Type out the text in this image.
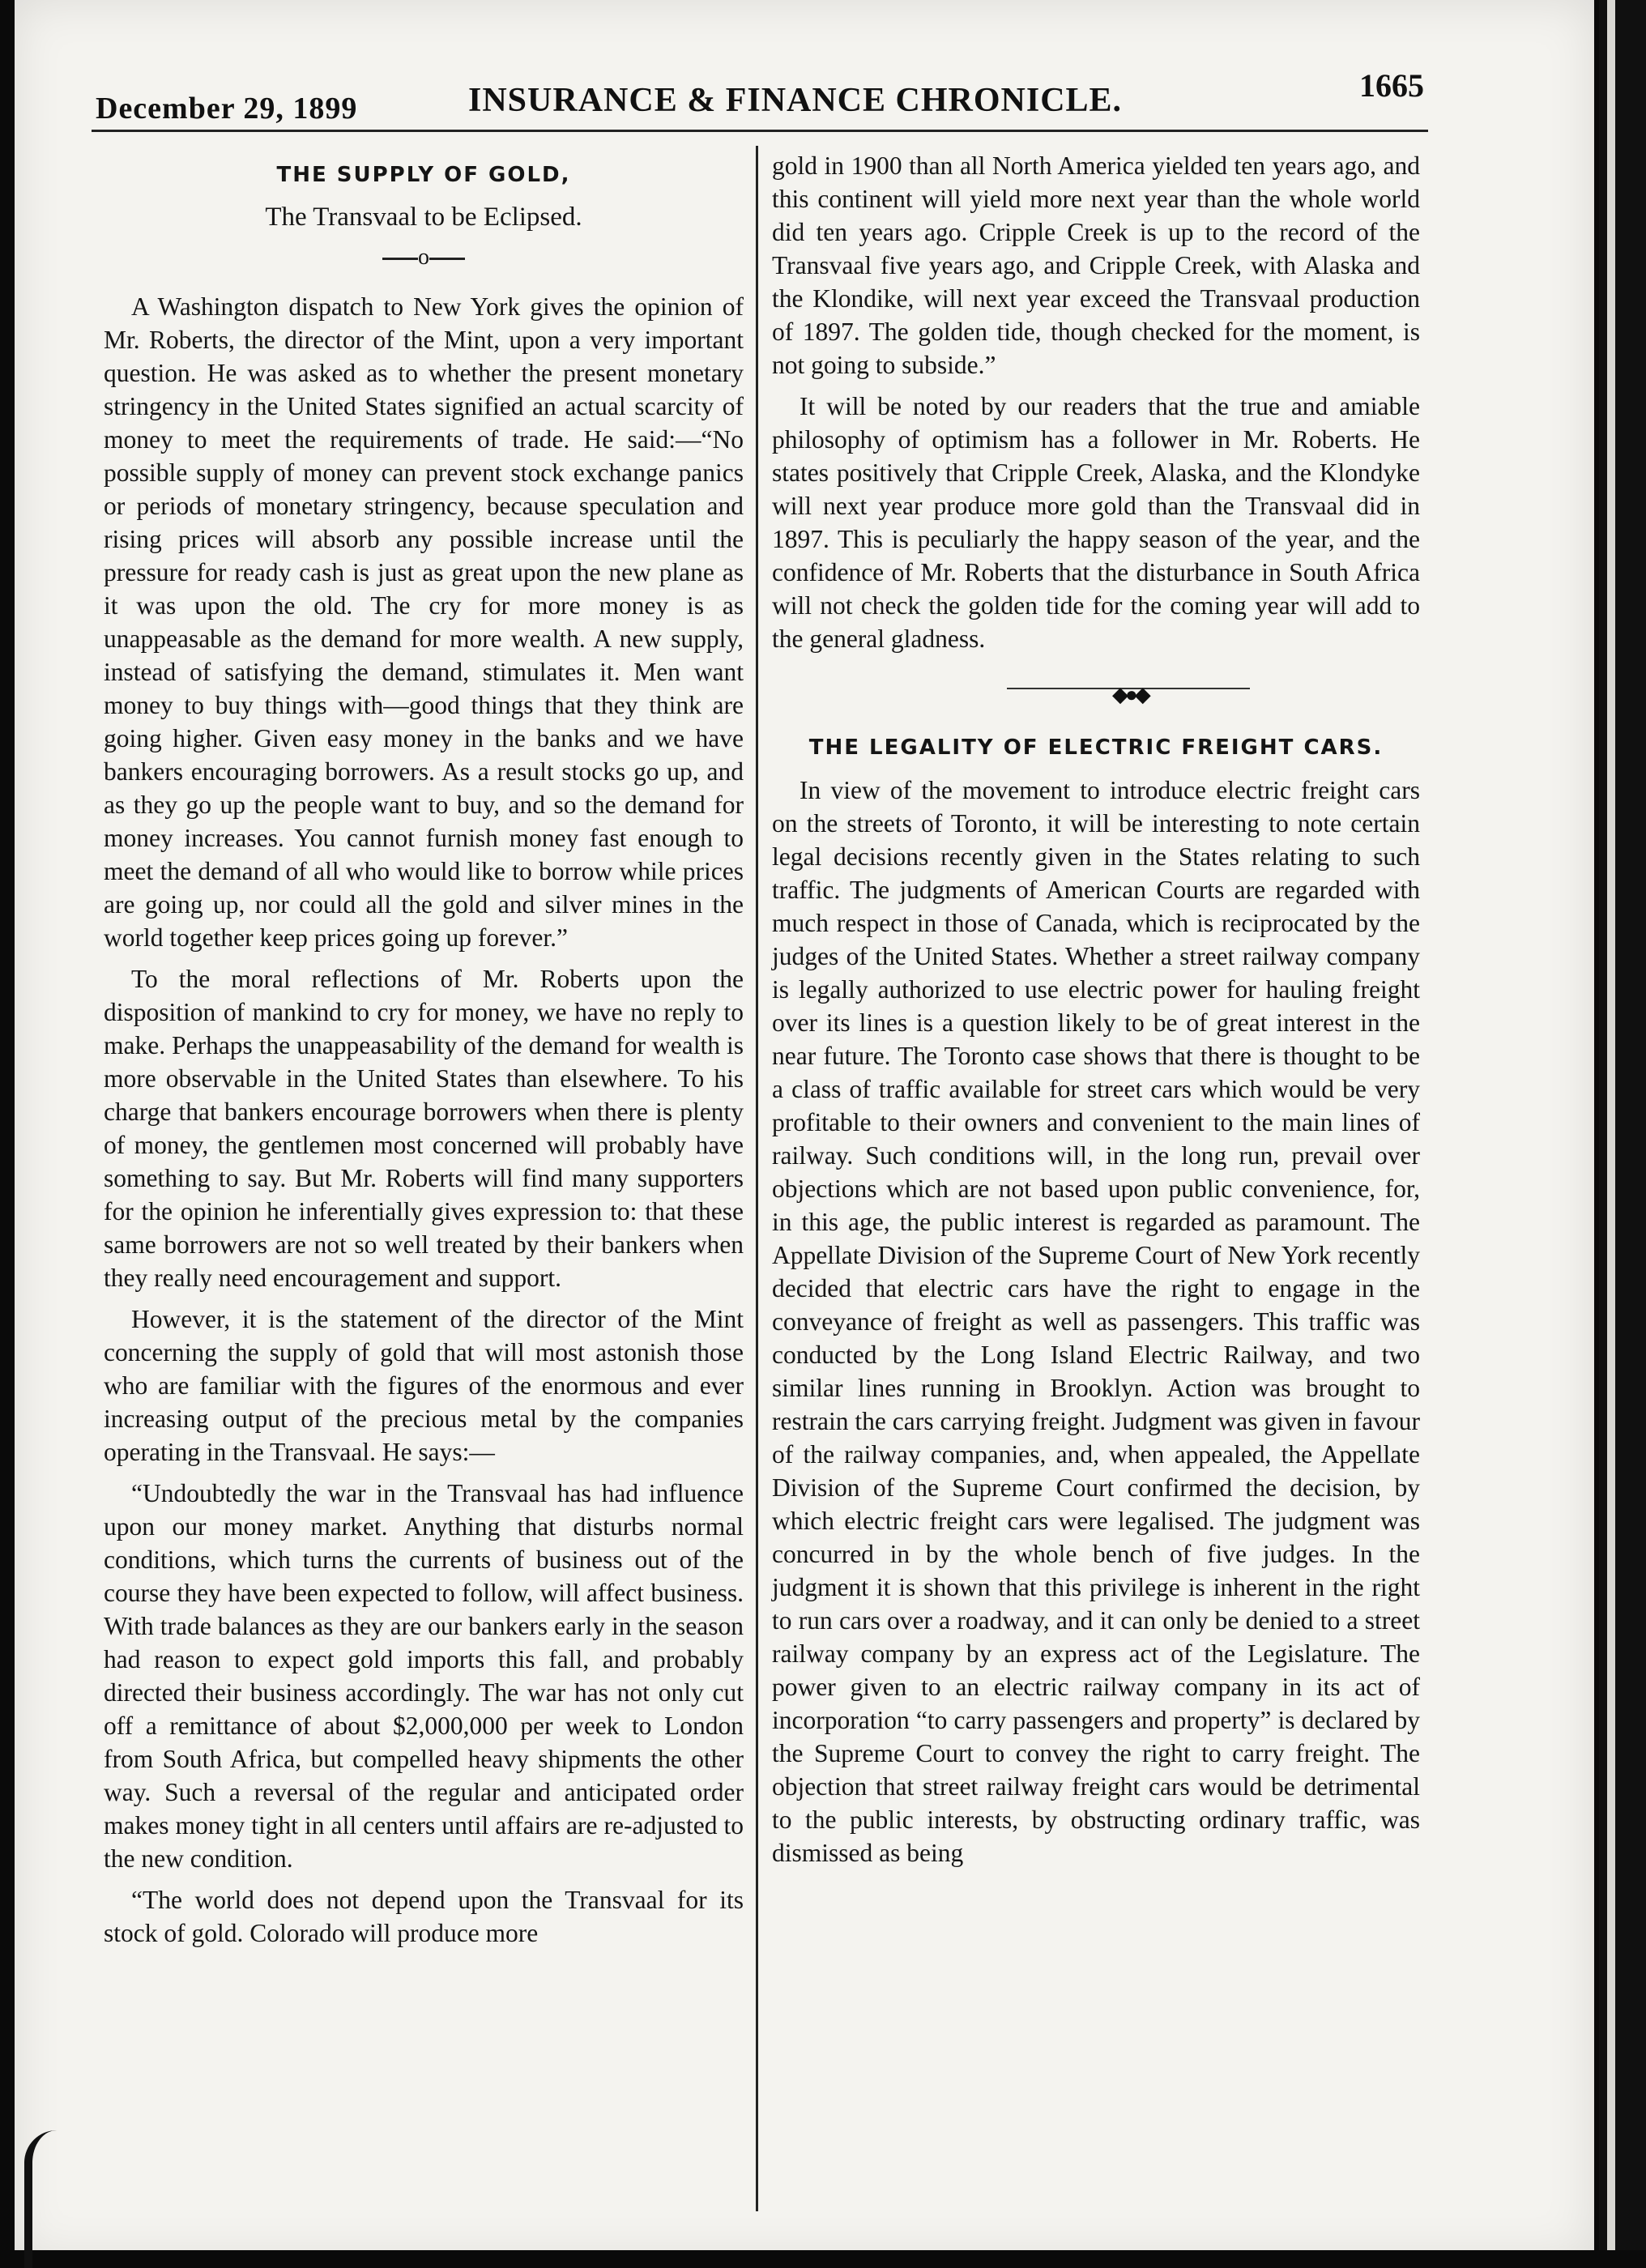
December 29, 1899	INSURANCE & FINANCE CHRONICLE.	1665
THE SUPPLY OF GOLD,
The Transvaal to be Eclipsed.
o

A Washington dispatch to New York gives the opinion of Mr. Roberts, the director of the Mint, upon a very important question. He was asked as to whether the present monetary stringency in the United States signified an actual scarcity of money to meet the requirements of trade. He said:—“No possible supply of money can prevent stock exchange panics or periods of monetary stringency, because speculation and rising prices will absorb any possible increase until the pressure for ready cash is just as great upon the new plane as it was upon the old. The cry for more money is as unappeasable as the demand for more wealth. A new supply, instead of satisfying the demand, stimulates it. Men want money to buy things with—good things that they think are going higher. Given easy money in the banks and we have bankers encouraging borrowers. As a result stocks go up, and as they go up the people want to buy, and so the demand for money increases. You cannot furnish money fast enough to meet the demand of all who would like to borrow while prices are going up, nor could all the gold and silver mines in the world together keep prices going up forever.”

To the moral reflections of Mr. Roberts upon the disposition of mankind to cry for money, we have no reply to make. Perhaps the unappeasability of the demand for wealth is more observable in the United States than elsewhere. To his charge that bankers encourage borrowers when there is plenty of money, the gentlemen most concerned will probably have something to say. But Mr. Roberts will find many supporters for the opinion he inferentially gives expression to: that these same borrowers are not so well treated by their bankers when they really need encouragement and support.

However, it is the statement of the director of the Mint concerning the supply of gold that will most astonish those who are familiar with the figures of the enormous and ever increasing output of the precious metal by the companies operating in the Transvaal. He says:—

“Undoubtedly the war in the Transvaal has had influence upon our money market. Anything that disturbs normal conditions, which turns the currents of business out of the course they have been expected to follow, will affect business. With trade balances as they are our bankers early in the season had reason to expect gold imports this fall, and probably directed their business accordingly. The war has not only cut off a remittance of about $2,000,000 per week to London from South Africa, but compelled heavy shipments the other way. Such a reversal of the regular and anticipated order makes money tight in all centers until affairs are re-adjusted to the new condition.

“The world does not depend upon the Transvaal for its stock of gold. Colorado will produce more

gold in 1900 than all North America yielded ten years ago, and this continent will yield more next year than the whole world did ten years ago. Cripple Creek is up to the record of the Transvaal five years ago, and Cripple Creek, with Alaska and the Klondike, will next year exceed the Transvaal production of 1897. The golden tide, though checked for the moment, is not going to subside.”

It will be noted by our readers that the true and amiable philosophy of optimism has a follower in Mr. Roberts. He states positively that Cripple Creek, Alaska, and the Klondyke will next year produce more gold than the Transvaal did in 1897. This is peculiarly the happy season of the year, and the confidence of Mr. Roberts that the disturbance in South Africa will not check the golden tide for the coming year will add to the general gladness.

◆●◆
THE LEGALITY OF ELECTRIC FREIGHT CARS.

In view of the movement to introduce electric freight cars on the streets of Toronto, it will be interesting to note certain legal decisions recently given in the States relating to such traffic. The judgments of American Courts are regarded with much respect in those of Canada, which is reciprocated by the judges of the United States. Whether a street railway company is legally authorized to use electric power for hauling freight over its lines is a question likely to be of great interest in the near future. The Toronto case shows that there is thought to be a class of traffic available for street cars which would be very profitable to their owners and convenient to the main lines of railway. Such conditions will, in the long run, prevail over objections which are not based upon public convenience, for, in this age, the public interest is regarded as paramount. The Appellate Division of the Supreme Court of New York recently decided that electric cars have the right to engage in the conveyance of freight as well as passengers. This traffic was conducted by the Long Island Electric Railway, and two similar lines running in Brooklyn. Action was brought to restrain the cars carrying freight. Judgment was given in favour of the railway companies, and, when appealed, the Appellate Division of the Supreme Court confirmed the decision, by which electric freight cars were legalised. The judgment was concurred in by the whole bench of five judges. In the judgment it is shown that this privilege is inherent in the right to run cars over a roadway, and it can only be denied to a street railway company by an express act of the Legislature. The power given to an electric railway company in its act of incorporation “to carry passengers and property” is declared by the Supreme Court to convey the right to carry freight. The objection that street railway freight cars would be detrimental to the public interests, by obstructing ordinary traffic, was dismissed as being
